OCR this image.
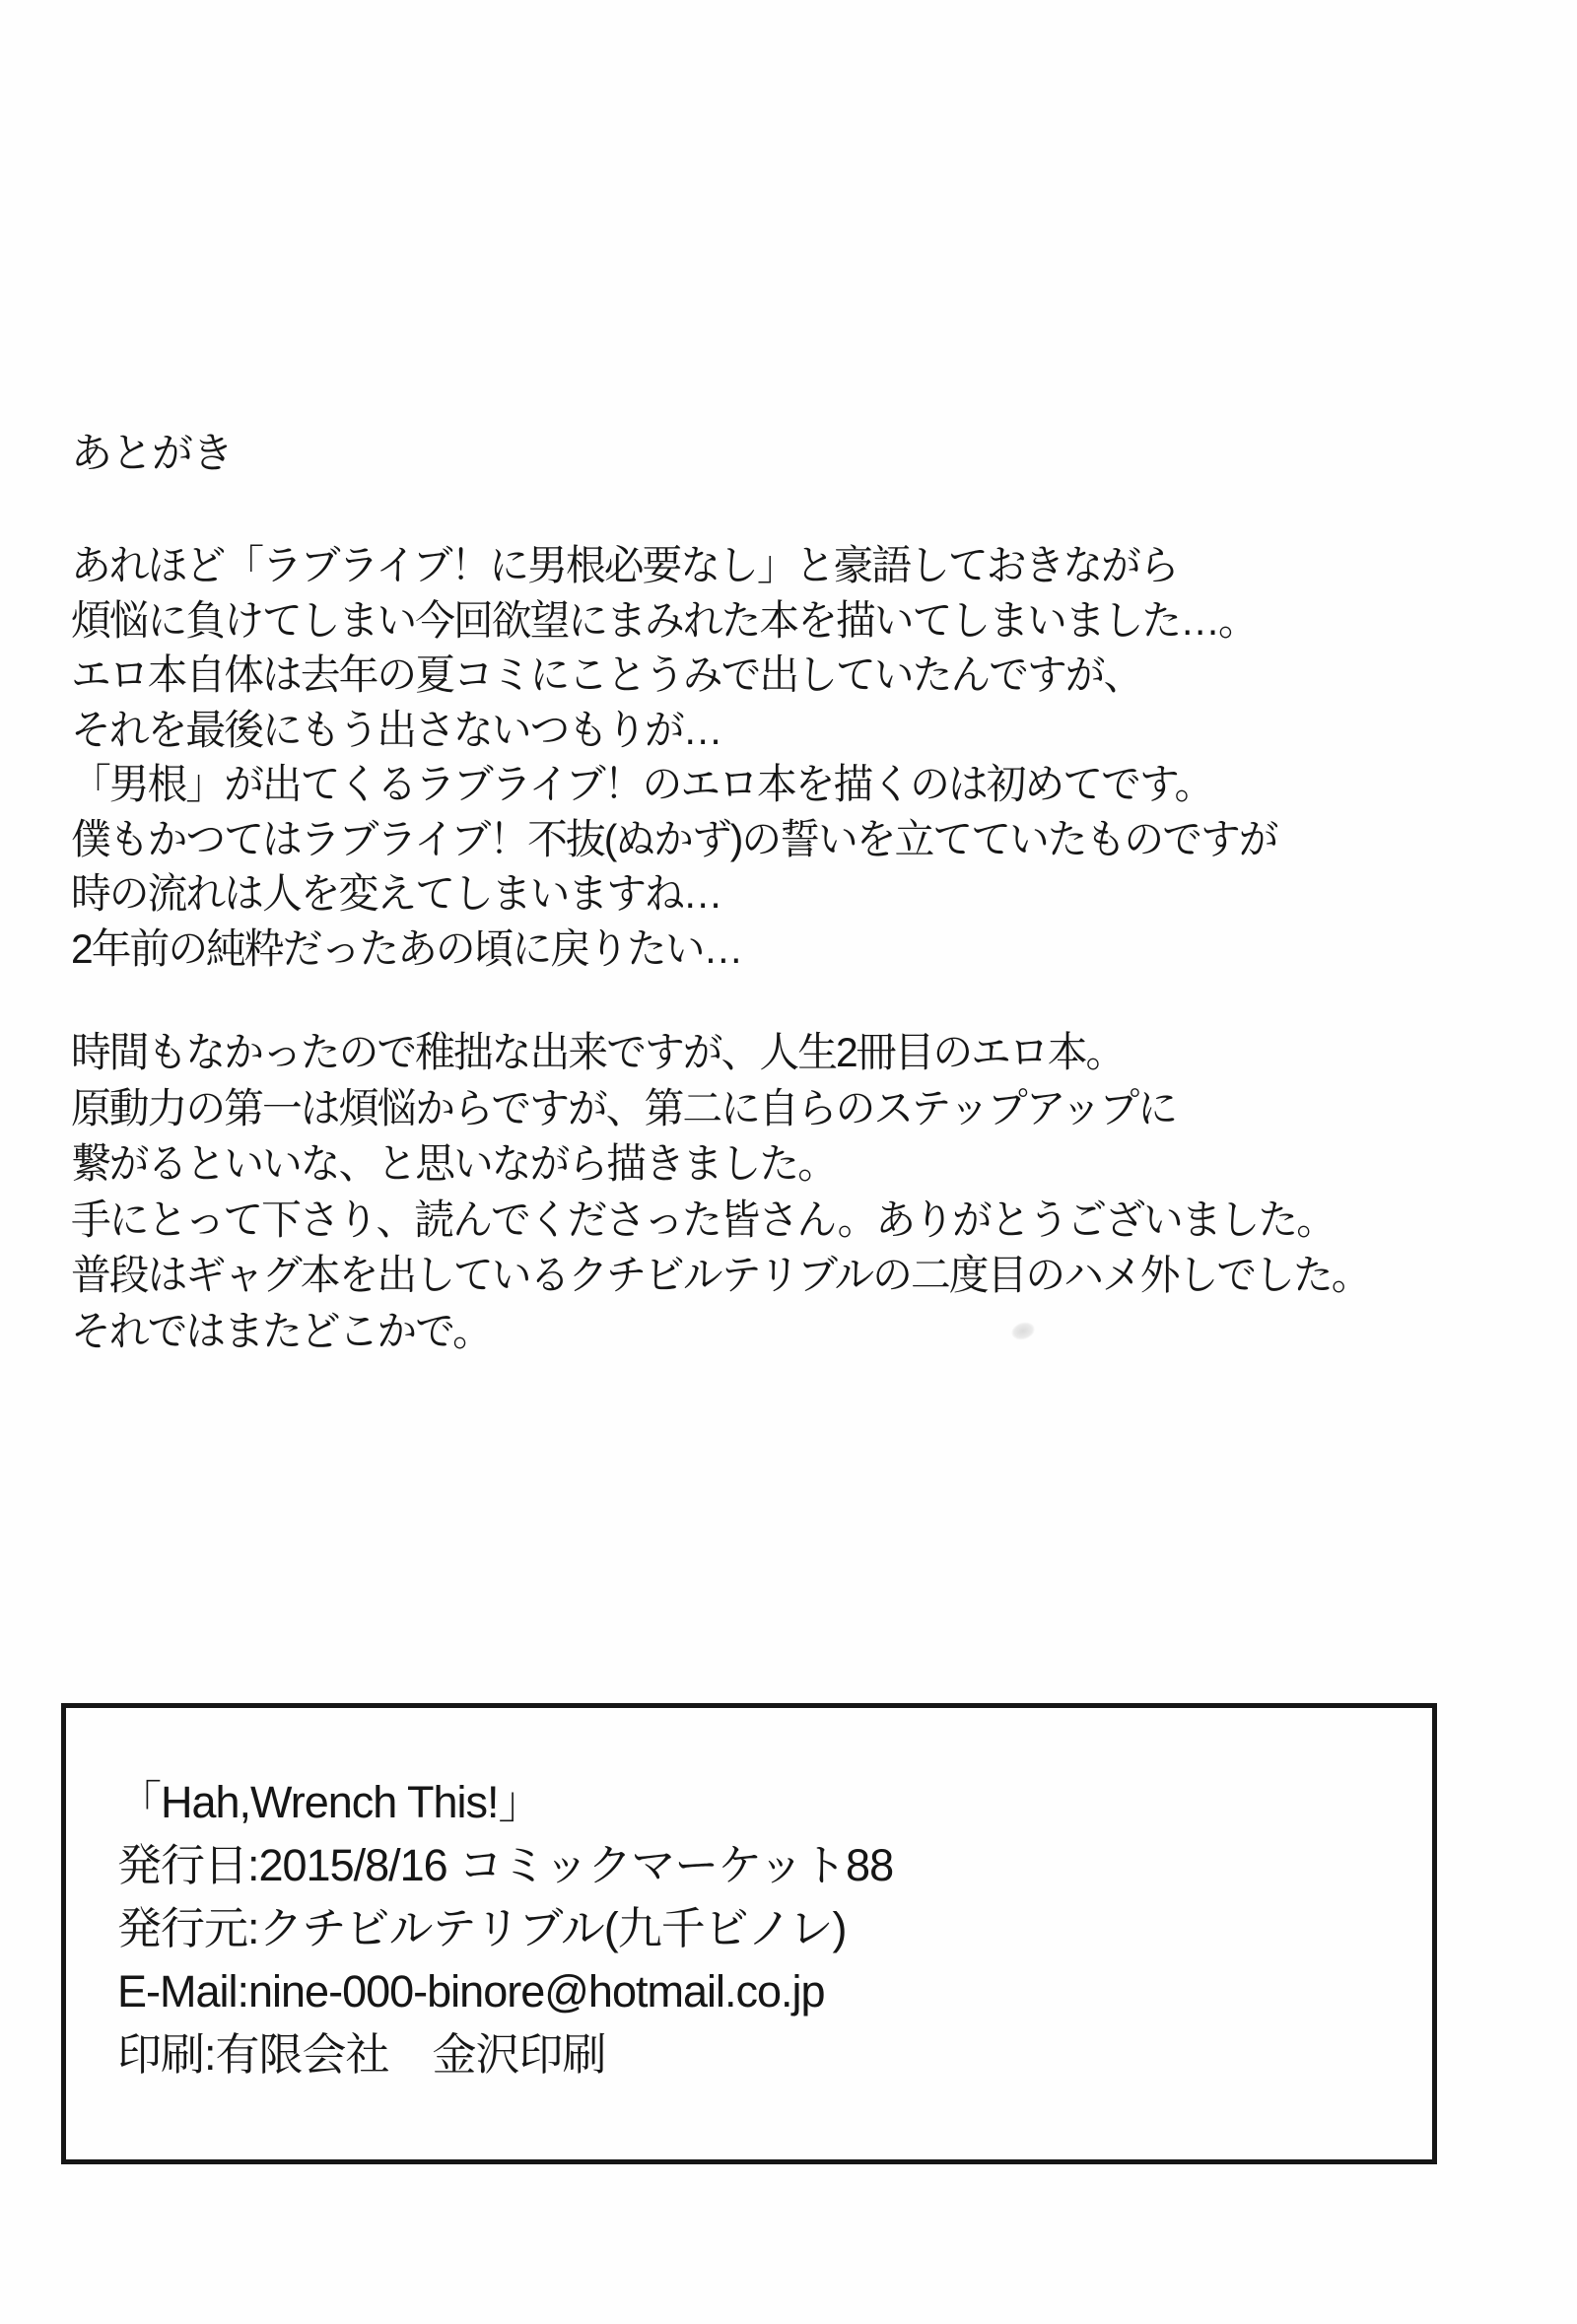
あとがき
あれほど「ラブライブ！に男根必要なし」と豪語しておきながら
煩悩に負けてしまい今回欲望にまみれた本を描いてしまいました…。
エロ本自体は去年の夏コミにことうみで出していたんですが、
それを最後にもう出さないつもりが…
「男根」が出てくるラブライブ！のエロ本を描くのは初めてです。
僕もかつてはラブライブ！不抜(ぬかず)の誓いを立てていたものですが
時の流れは人を変えてしまいますね…
2年前の純粋だったあの頃に戻りたい…
時間もなかったので稚拙な出来ですが、人生2冊目のエロ本。
原動力の第一は煩悩からですが、第二に自らのステップアップに
繋がるといいな、と思いながら描きました。
手にとって下さり、読んでくださった皆さん。ありがとうございました。
普段はギャグ本を出しているクチビルテリブルの二度目のハメ外しでした。
それではまたどこかで。
「Hah,Wrench This!」
発行日:2015/8/16 コミックマーケット88
発行元:クチビルテリブル(九千ビノレ)
E-Mail:nine-000-binore@hotmail.co.jp
印刷:有限会社　金沢印刷
